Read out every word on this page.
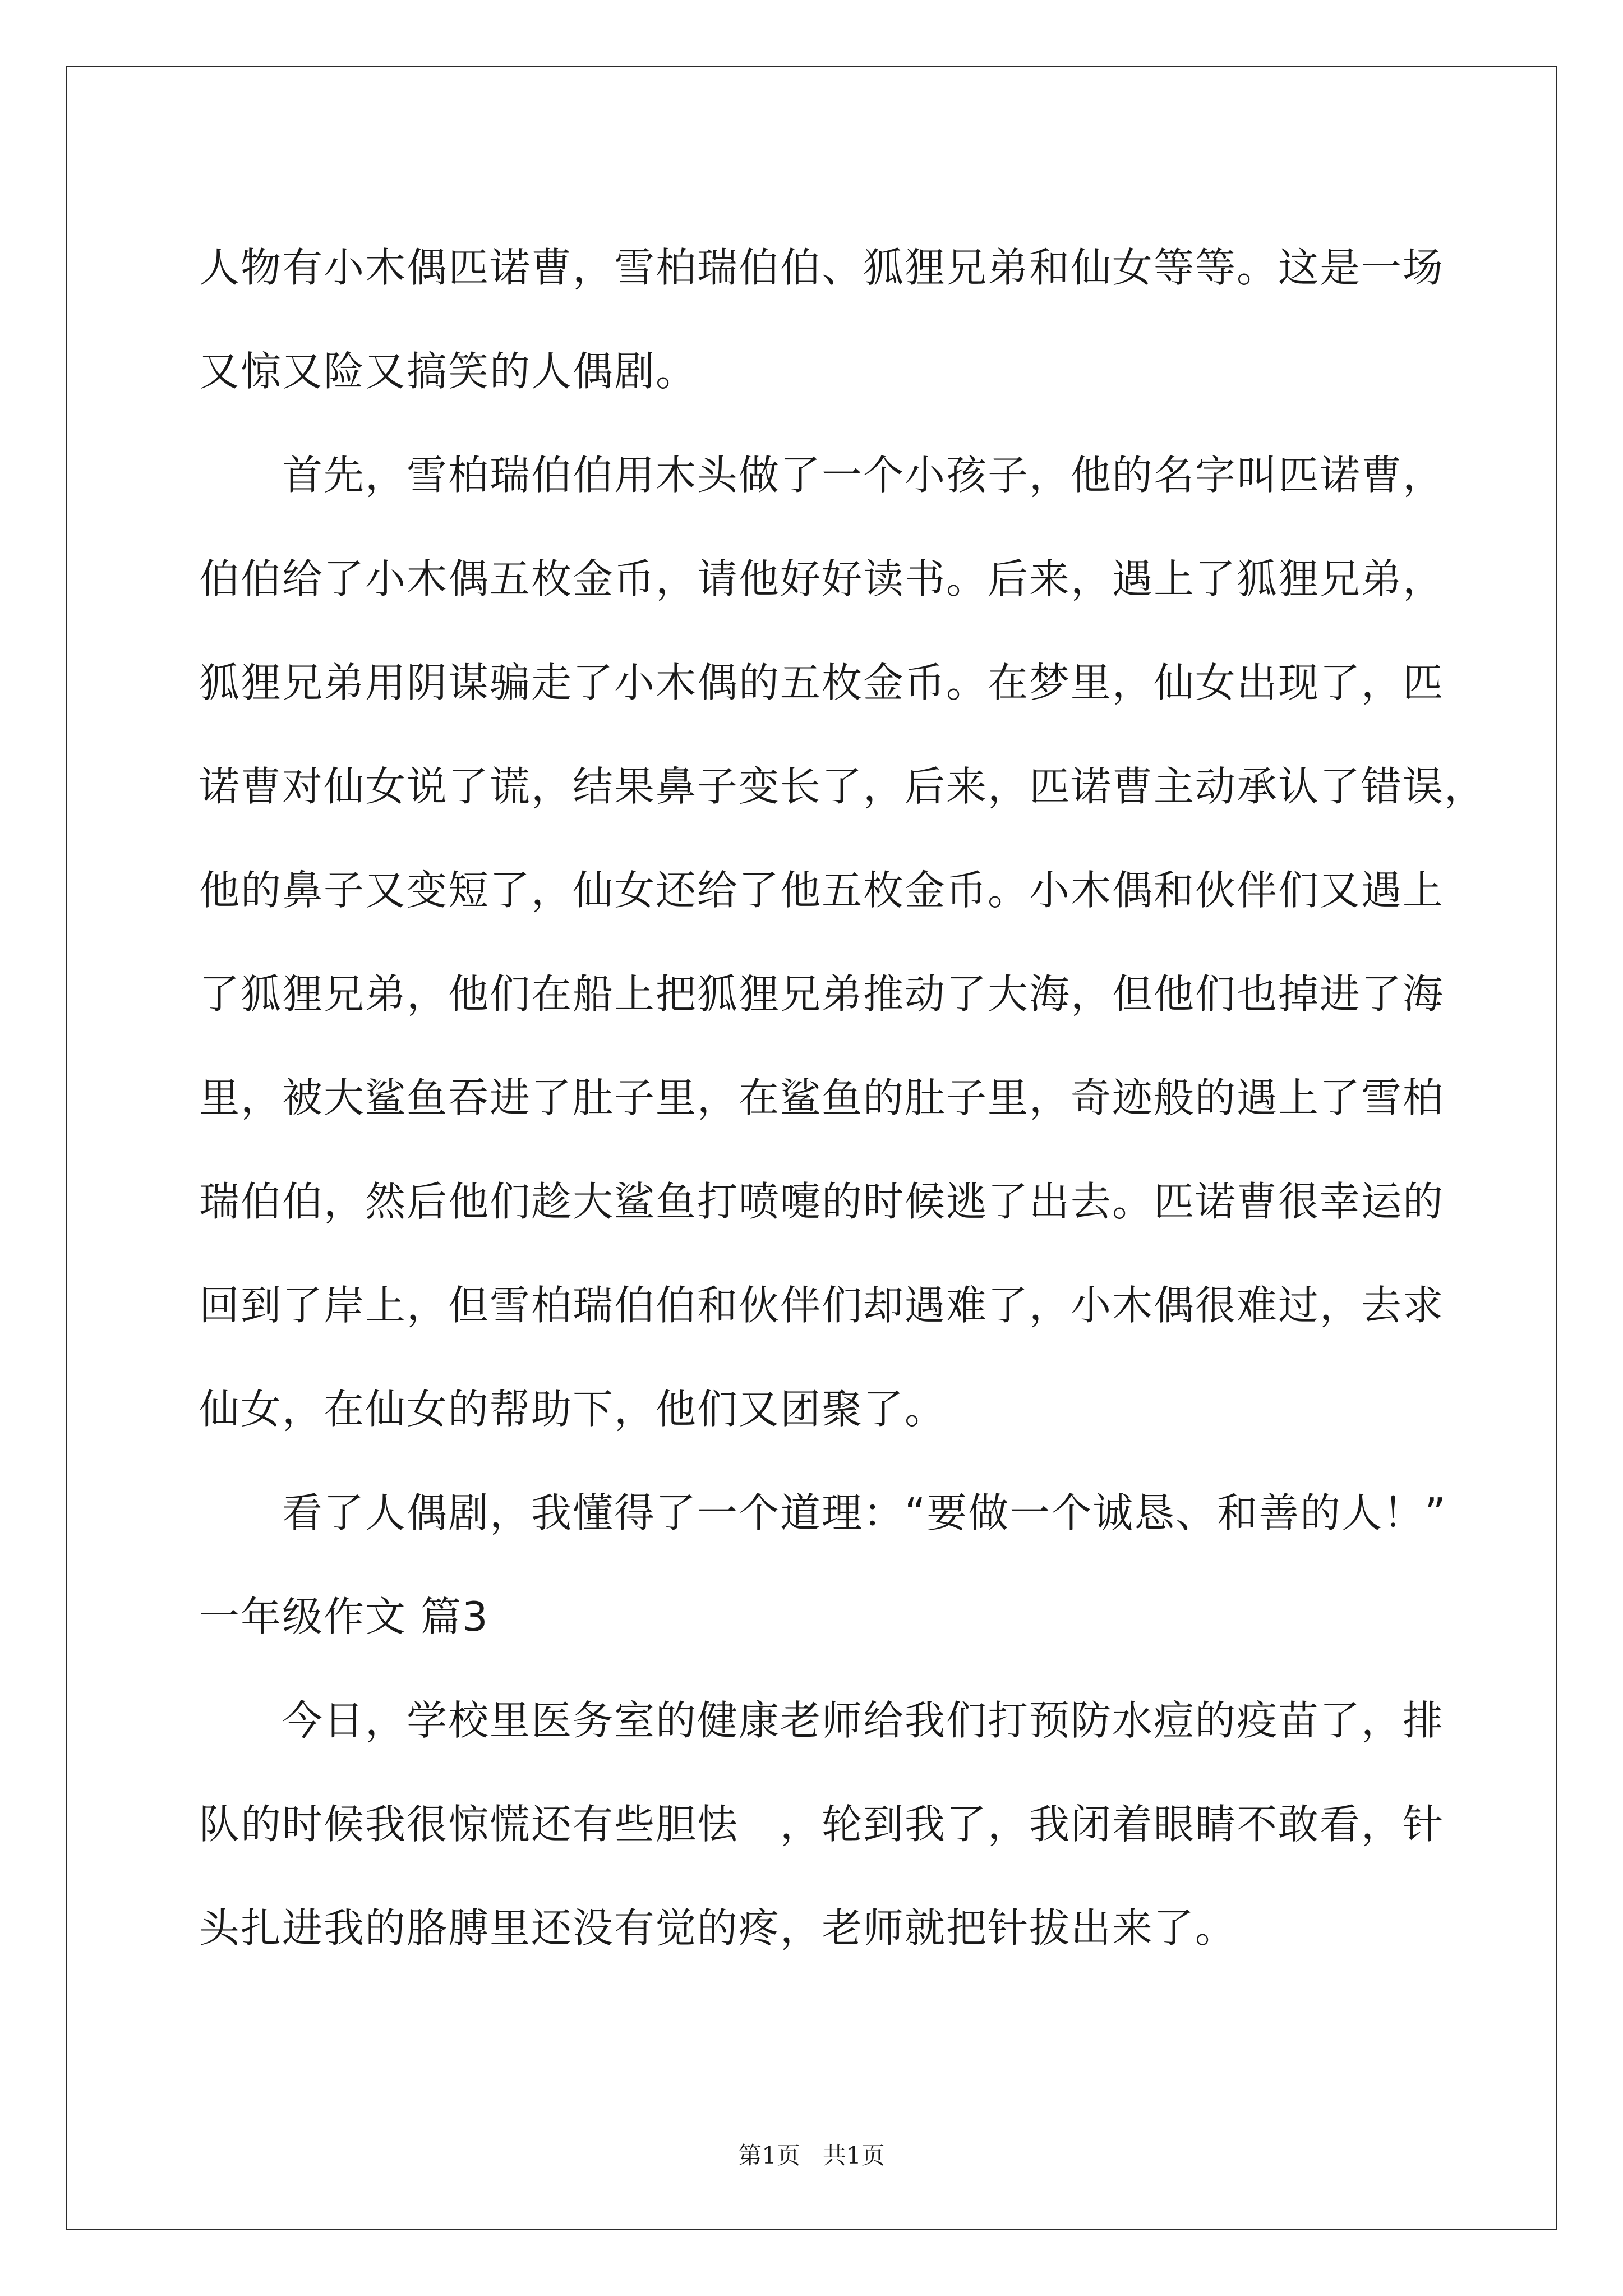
人物有小木偶匹诺曹，雪柏瑞伯伯、狐狸兄弟和仙女等等。这是一场
又惊又险又搞笑的人偶剧。
　　首先，雪柏瑞伯伯用木头做了一个小孩子，他的名字叫匹诺曹，
伯伯给了小木偶五枚金币，请他好好读书。后来，遇上了狐狸兄弟，
狐狸兄弟用阴谋骗走了小木偶的五枚金币。在梦里，仙女出现了，匹
诺曹对仙女说了谎，结果鼻子变长了，后来，匹诺曹主动承认了错误，
他的鼻子又变短了，仙女还给了他五枚金币。小木偶和伙伴们又遇上
了狐狸兄弟，他们在船上把狐狸兄弟推动了大海，但他们也掉进了海
里，被大鲨鱼吞进了肚子里，在鲨鱼的肚子里，奇迹般的遇上了雪柏
瑞伯伯，然后他们趁大鲨鱼打喷嚏的时候逃了出去。匹诺曹很幸运的
回到了岸上，但雪柏瑞伯伯和伙伴们却遇难了，小木偶很难过，去求
仙女，在仙女的帮助下，他们又团聚了。
　　看了人偶剧，我懂得了一个道理：“要做一个诚恳、和善的人！”
一年级作文 篇3
　　今日，学校里医务室的健康老师给我们打预防水痘的疫苗了，排
队的时候我很惊慌还有些胆怯　，轮到我了，我闭着眼睛不敢看，针
头扎进我的胳膊里还没有觉的疼，老师就把针拔出来了。
第1页 共1页
